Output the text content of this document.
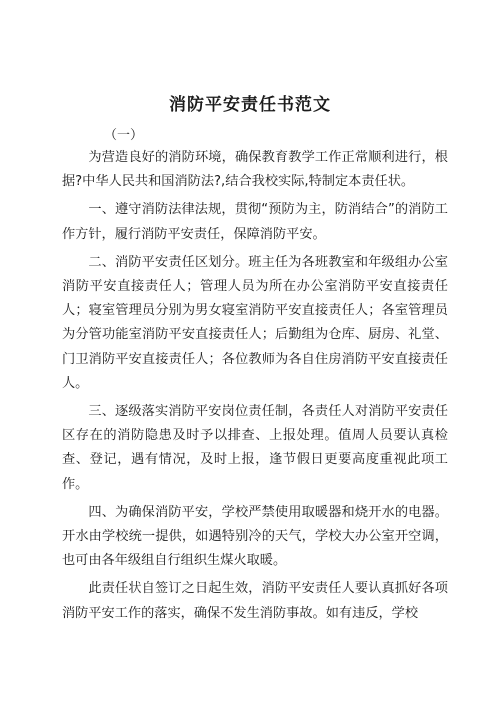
消防平安责任书范文
（一）

为营造良好的消防环境，确保教育教学工作正常顺利进行，根据?中华人民共和国消防法?,结合我校实际,特制定本责任状。

一、遵守消防法律法规，贯彻“预防为主，防消结合”的消防工作方针，履行消防平安责任，保障消防平安。

二、消防平安责任区划分。班主任为各班教室和年级组办公室消防平安直接责任人；管理人员为所在办公室消防平安直接责任人；寝室管理员分别为男女寝室消防平安直接责任人；各室管理员为分管功能室消防平安直接责任人；后勤组为仓库、厨房、礼堂、门卫消防平安直接责任人；各位教师为各自住房消防平安直接责任人。

三、逐级落实消防平安岗位责任制，各责任人对消防平安责任区存在的消防隐患及时予以排查、上报处理。值周人员要认真检查、登记，遇有情况，及时上报，逢节假日更要高度重视此项工作。

四、为确保消防平安，学校严禁使用取暖器和烧开水的电器。开水由学校统一提供，如遇特别冷的天气，学校大办公室开空调，也可由各年级组自行组织生煤火取暖。

此责任状自签订之日起生效，消防平安责任人要认真抓好各项消防平安工作的落实，确保不发生消防事故。如有违反，学校
